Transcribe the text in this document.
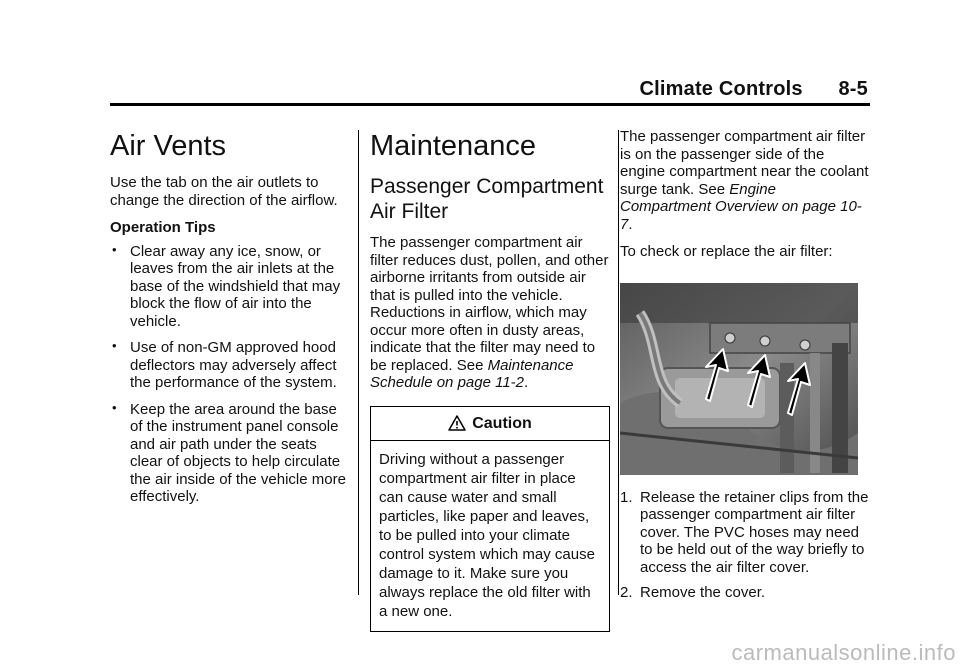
Climate Controls 8-5
Air Vents

Use the tab on the air outlets to change the direction of the airflow.

Operation Tips

• Clear away any ice, snow, or leaves from the air inlets at the base of the windshield that may block the flow of air into the vehicle.
• Use of non-GM approved hood deflectors may adversely affect the performance of the system.
• Keep the area around the base of the instrument panel console and air path under the seats clear of objects to help circulate the air inside of the vehicle more effectively.
Maintenance
Passenger Compartment Air Filter

The passenger compartment air filter reduces dust, pollen, and other airborne irritants from outside air that is pulled into the vehicle. Reductions in airflow, which may occur more often in dusty areas, indicate that the filter may need to be replaced. See Maintenance Schedule on page 11-2.

Caution
Driving without a passenger compartment air filter in place can cause water and small particles, like paper and leaves, to be pulled into your climate control system which may cause damage to it. Make sure you always replace the old filter with a new one.

The passenger compartment air filter is on the passenger side of the engine compartment near the coolant surge tank. See Engine Compartment Overview on page 10-7.

To check or replace the air filter:

1. Release the retainer clips from the passenger compartment air filter cover. The PVC hoses may need to be held out of the way briefly to access the air filter cover.
2. Remove the cover.
carmanualsonline.info
